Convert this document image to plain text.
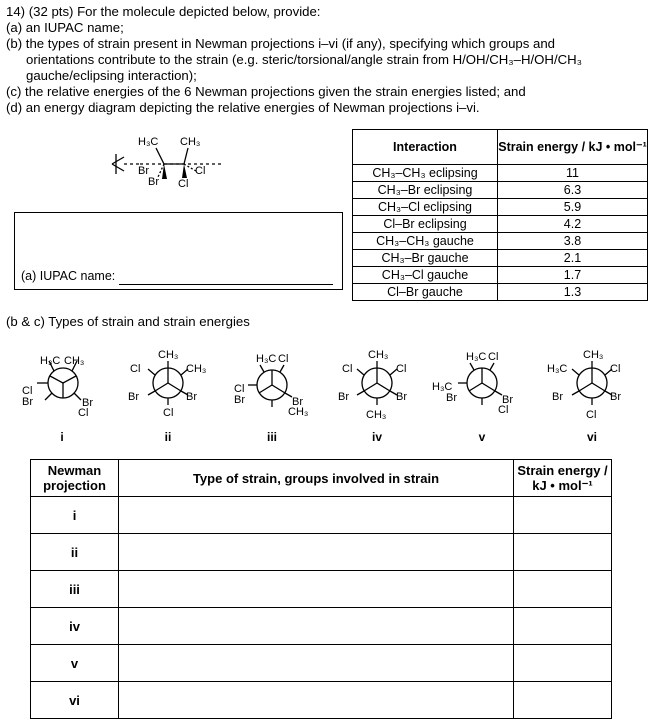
14) (32 pts) For the molecule depicted below, provide:
(a) an IUPAC name;
(b) the types of strain present in Newman projections i–vi (if any), specifying which groups and
orientations contribute to the strain (e.g. steric/torsional/angle strain from H/OH/CH₃–H/OH/CH₃
gauche/eclipsing interaction);
(c) the relative energies of the 6 Newman projections given the strain energies listed; and
(d) an energy diagram depicting the relative energies of Newman projections i–vi.
H₃C CH₃
Br
Br
Cl
Cl
Interaction	Strain energy / kJ • mol⁻¹
CH₃–CH₃ eclipsing	11
CH₃–Br eclipsing	6.3
CH₃–Cl eclipsing	5.9
Cl–Br eclipsing	4.2
CH₃–CH₃ gauche	3.8
CH₃–Br gauche	2.1
CH₃–Cl gauche	1.7
Cl–Br gauche	1.3
(a) IUPAC name:
(b & c) Types of strain and strain energies
H₃C CH₃
Cl
Br	Br
Cl
CH₃
Cl	CH₃
Br	Br
Cl
H₃C Cl
Cl
Br	Br
CH₃
CH₃
Cl	Cl
Br	Br
CH₃
H₃C Cl
H₃C
Br	Br
Cl
CH₃
H₃C	Cl
Br	Br
Cl
i	ii	iii	iv	v	vi
Newman projection	Type of strain, groups involved in strain	Strain energy / kJ • mol⁻¹
i		
ii		
iii		
iv		
v		
vi		
